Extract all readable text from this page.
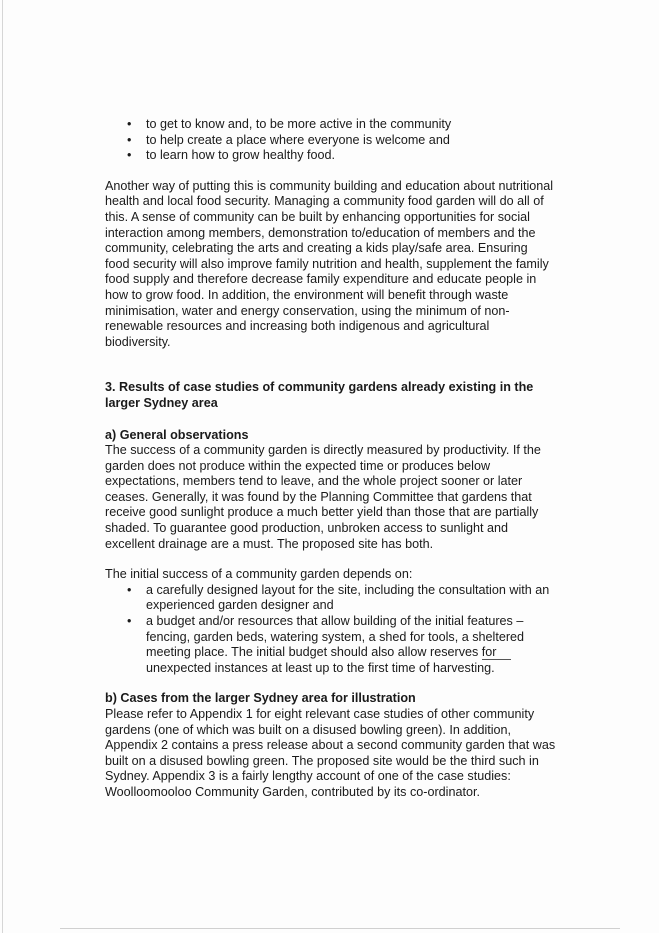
• to get to know and, to be more active in the community
• to help create a place where everyone is welcome and
• to learn how to grow healthy food.

Another way of putting this is community building and education about nutritional
health and local food security. Managing a community food garden will do all of
this. A sense of community can be built by enhancing opportunities for social
interaction among members, demonstration to/education of members and the
community, celebrating the arts and creating a kids play/safe area. Ensuring
food security will also improve family nutrition and health, supplement the family
food supply and therefore decrease family expenditure and educate people in
how to grow food. In addition, the environment will benefit through waste
minimisation, water and energy conservation, using the minimum of non-
renewable resources and increasing both indigenous and agricultural
biodiversity.

3. Results of case studies of community gardens already existing in the
larger Sydney area
a) General observations

The success of a community garden is directly measured by productivity. If the
garden does not produce within the expected time or produces below
expectations, members tend to leave, and the whole project sooner or later
ceases. Generally, it was found by the Planning Committee that gardens that
receive good sunlight produce a much better yield than those that are partially
shaded. To guarantee good production, unbroken access to sunlight and
excellent drainage are a must. The proposed site has both.

The initial success of a community garden depends on:

• a carefully designed layout for the site, including the consultation with an
experienced garden designer and
• a budget and/or resources that allow building of the initial features –
fencing, garden beds, watering system, a shed for tools, a sheltered
meeting place. The initial budget should also allow reserves for
unexpected instances at least up to the first time of harvesting.
b) Cases from the larger Sydney area for illustration

Please refer to Appendix 1 for eight relevant case studies of other community
gardens (one of which was built on a disused bowling green). In addition,
Appendix 2 contains a press release about a second community garden that was
built on a disused bowling green. The proposed site would be the third such in
Sydney. Appendix 3 is a fairly lengthy account of one of the case studies:
Woolloomooloo Community Garden, contributed by its co-ordinator.
